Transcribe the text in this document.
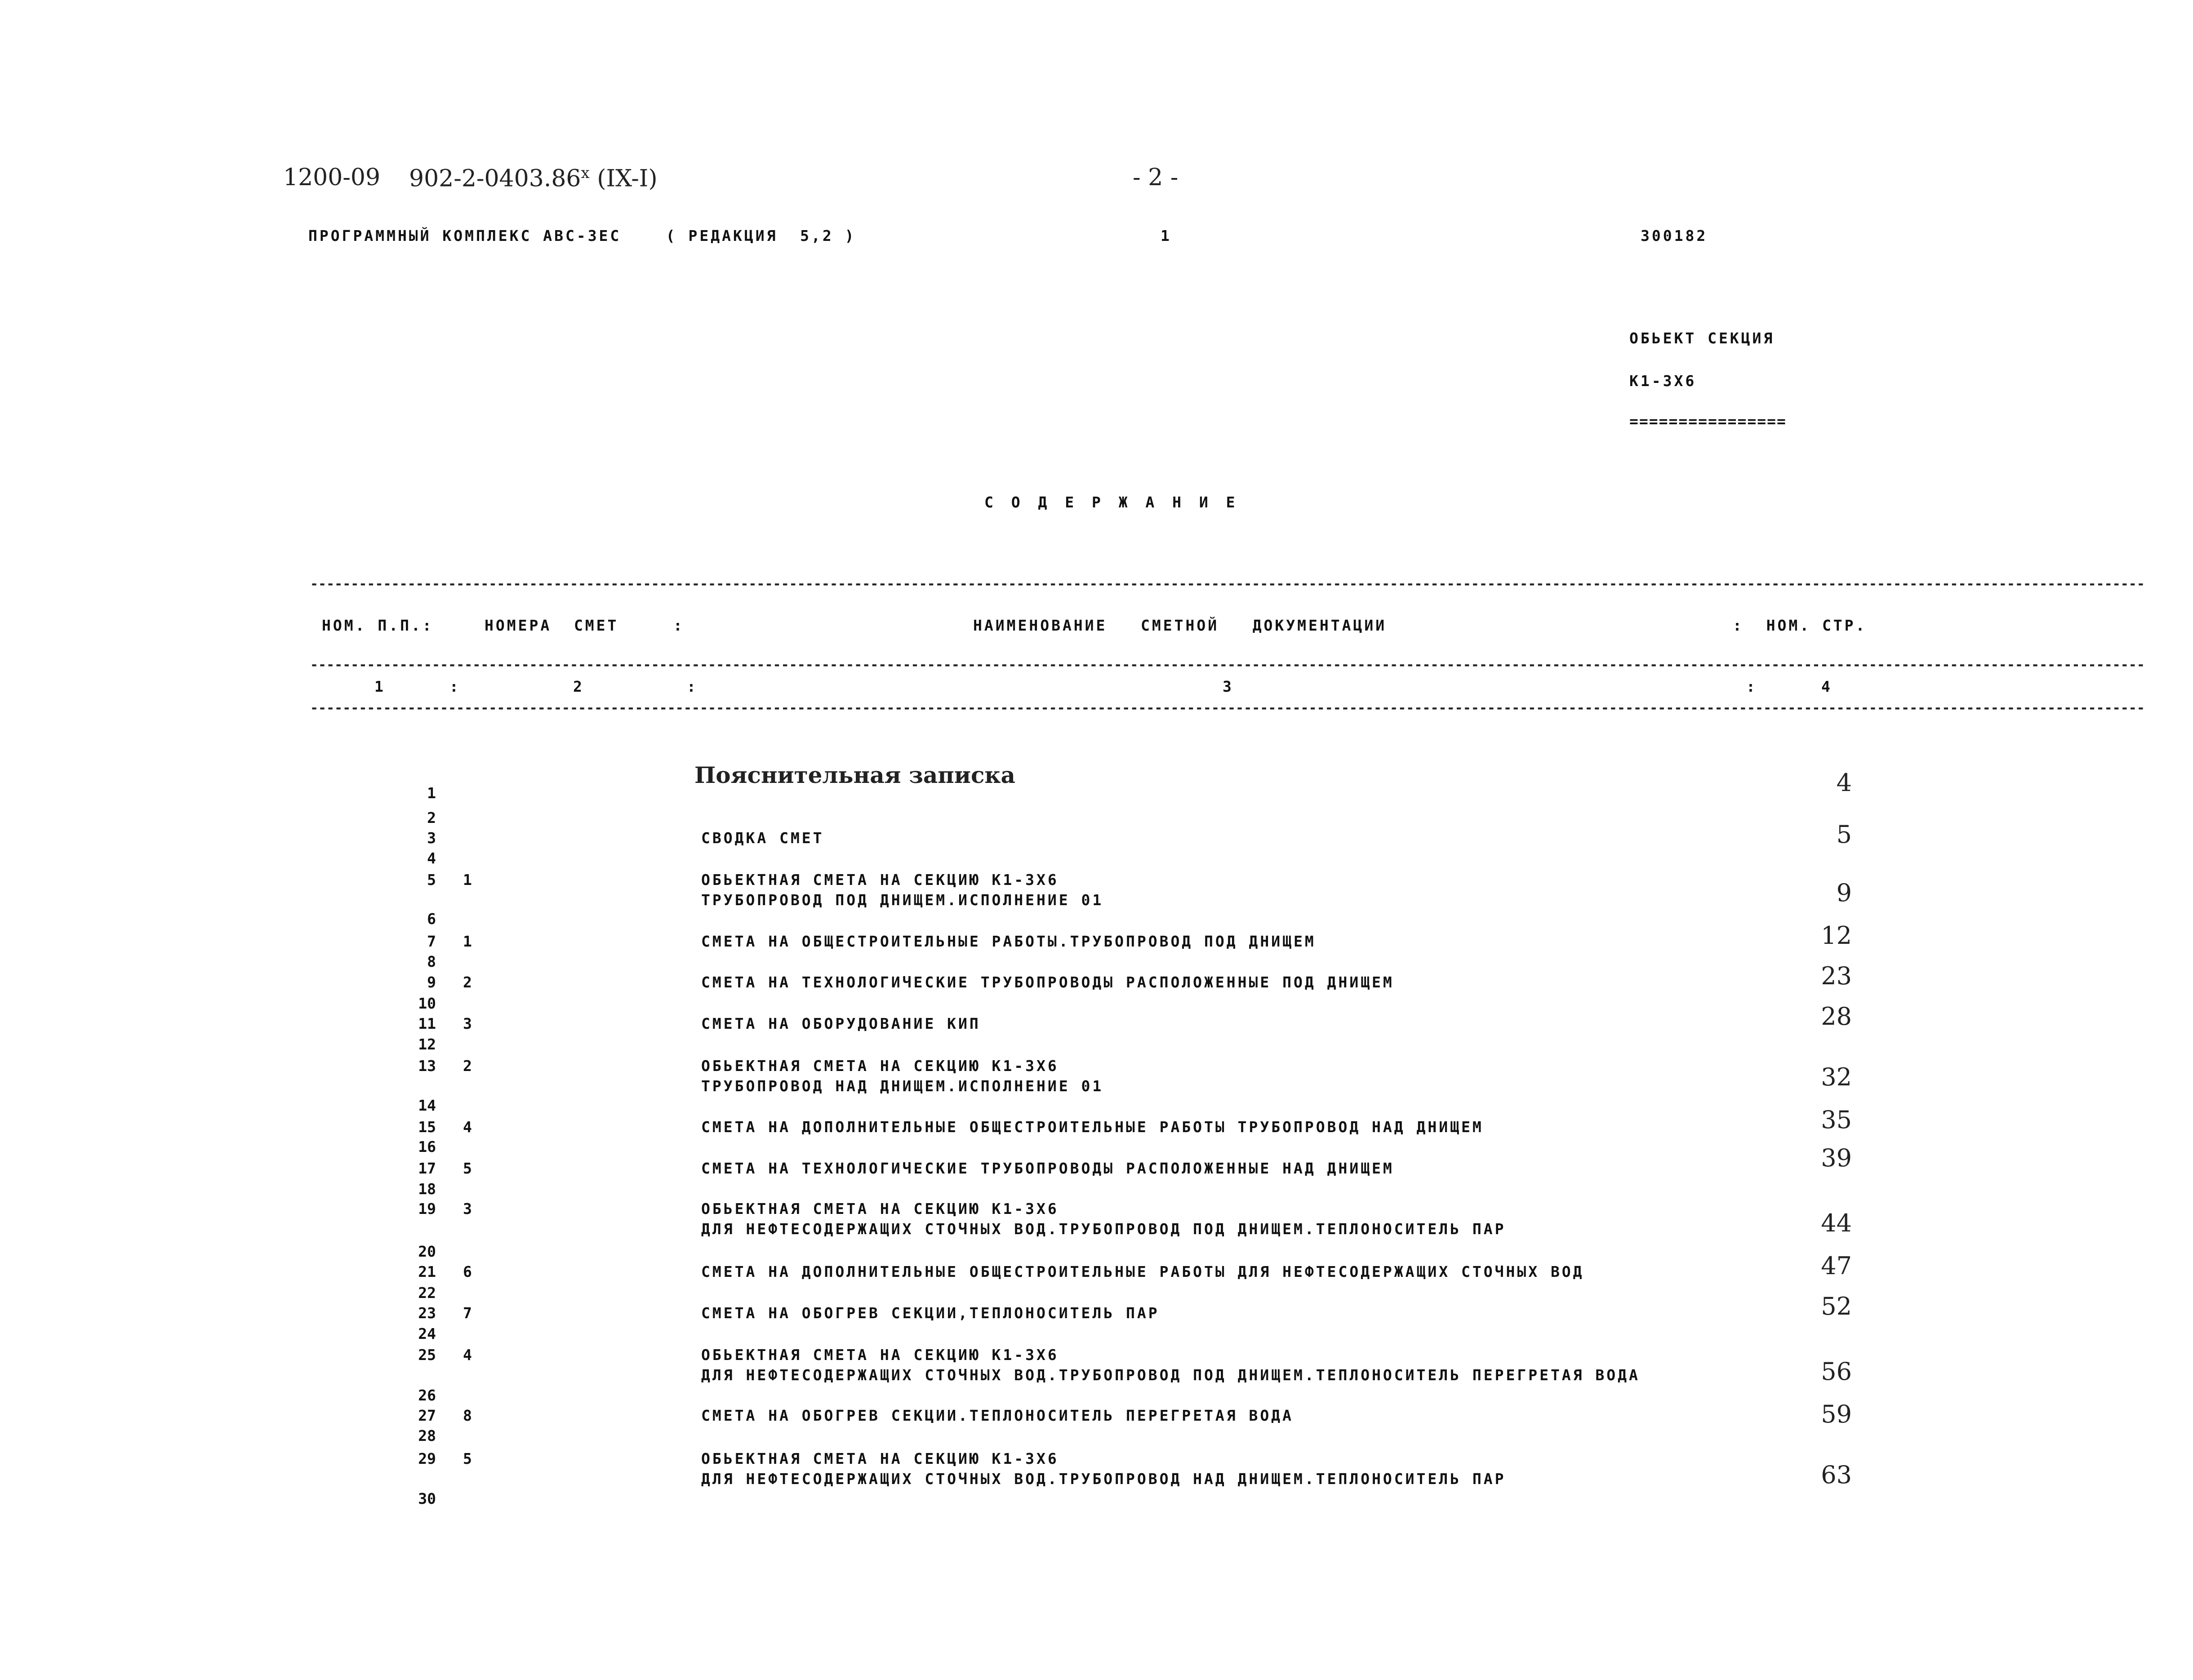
1200-09 902-2-0403.86$^x$ (IX-I)	- 2 -
ПРОГРАММНЫЙ КОМПЛЕКС АВС-ЗЕС    ( РЕДАКЦИЯ  5,2 )	1	300182
ОБЬЕКТ СЕКЦИЯ
К1-3Х6
================
С О Д Е Р Ж А Н И Е
----------------------------------------------------------------------------------------------------------------------------------------------------------------------------------------------------------------------------------
НОМ. П.П.:	НОМЕРА  СМЕТ	:	НАИМЕНОВАНИЕ   СМЕТНОЙ   ДОКУМЕНТАЦИИ	:  НОМ. СТР.
----------------------------------------------------------------------------------------------------------------------------------------------------------------------------------------------------------------------------------
1	:	2	:	3	:	4
----------------------------------------------------------------------------------------------------------------------------------------------------------------------------------------------------------------------------------
1
Пояснительная записка	4
2
3	СВОДКА СМЕТ	5
4
5 1	ОБЬЕКТНАЯ СМЕТА НА СЕКЦИЮ К1-3Х6
ТРУБОПРОВОД ПОД ДНИЩЕМ.ИСПОЛНЕНИЕ 01	9
6
7 1	СМЕТА НА ОБЩЕСТРОИТЕЛЬНЫЕ РАБОТЫ.ТРУБОПРОВОД ПОД ДНИЩЕМ	12
8
9 2	СМЕТА НА ТЕХНОЛОГИЧЕСКИЕ ТРУБОПРОВОДЫ РАСПОЛОЖЕННЫЕ ПОД ДНИЩЕМ	23
10
11 3	СМЕТА НА ОБОРУДОВАНИЕ КИП	28
12
13 2	ОБЬЕКТНАЯ СМЕТА НА СЕКЦИЮ К1-3Х6
ТРУБОПРОВОД НАД ДНИЩЕМ.ИСПОЛНЕНИЕ 01	32
14
15 4	СМЕТА НА ДОПОЛНИТЕЛЬНЫЕ ОБЩЕСТРОИТЕЛЬНЫЕ РАБОТЫ ТРУБОПРОВОД НАД ДНИЩЕМ	35
16
17 5	СМЕТА НА ТЕХНОЛОГИЧЕСКИЕ ТРУБОПРОВОДЫ РАСПОЛОЖЕННЫЕ НАД ДНИЩЕМ	39
18
19 3	ОБЬЕКТНАЯ СМЕТА НА СЕКЦИЮ К1-3Х6
ДЛЯ НЕФТЕСОДЕРЖАЩИХ СТОЧНЫХ ВОД.ТРУБОПРОВОД ПОД ДНИЩЕМ.ТЕПЛОНОСИТЕЛЬ ПАР	44
20
21 6	СМЕТА НА ДОПОЛНИТЕЛЬНЫЕ ОБЩЕСТРОИТЕЛЬНЫЕ РАБОТЫ ДЛЯ НЕФТЕСОДЕРЖАЩИХ СТОЧНЫХ ВОД	47
22
23 7	СМЕТА НА ОБОГРЕВ СЕКЦИИ,ТЕПЛОНОСИТЕЛЬ ПАР	52
24
25 4	ОБЬЕКТНАЯ СМЕТА НА СЕКЦИЮ К1-3Х6
ДЛЯ НЕФТЕСОДЕРЖАЩИХ СТОЧНЫХ ВОД.ТРУБОПРОВОД ПОД ДНИЩЕМ.ТЕПЛОНОСИТЕЛЬ ПЕРЕГРЕТАЯ ВОДА	56
26
27 8	СМЕТА НА ОБОГРЕВ СЕКЦИИ.ТЕПЛОНОСИТЕЛЬ ПЕРЕГРЕТАЯ ВОДА	59
28
29 5	ОБЬЕКТНАЯ СМЕТА НА СЕКЦИЮ К1-3Х6
ДЛЯ НЕФТЕСОДЕРЖАЩИХ СТОЧНЫХ ВОД.ТРУБОПРОВОД НАД ДНИЩЕМ.ТЕПЛОНОСИТЕЛЬ ПАР	63
30
